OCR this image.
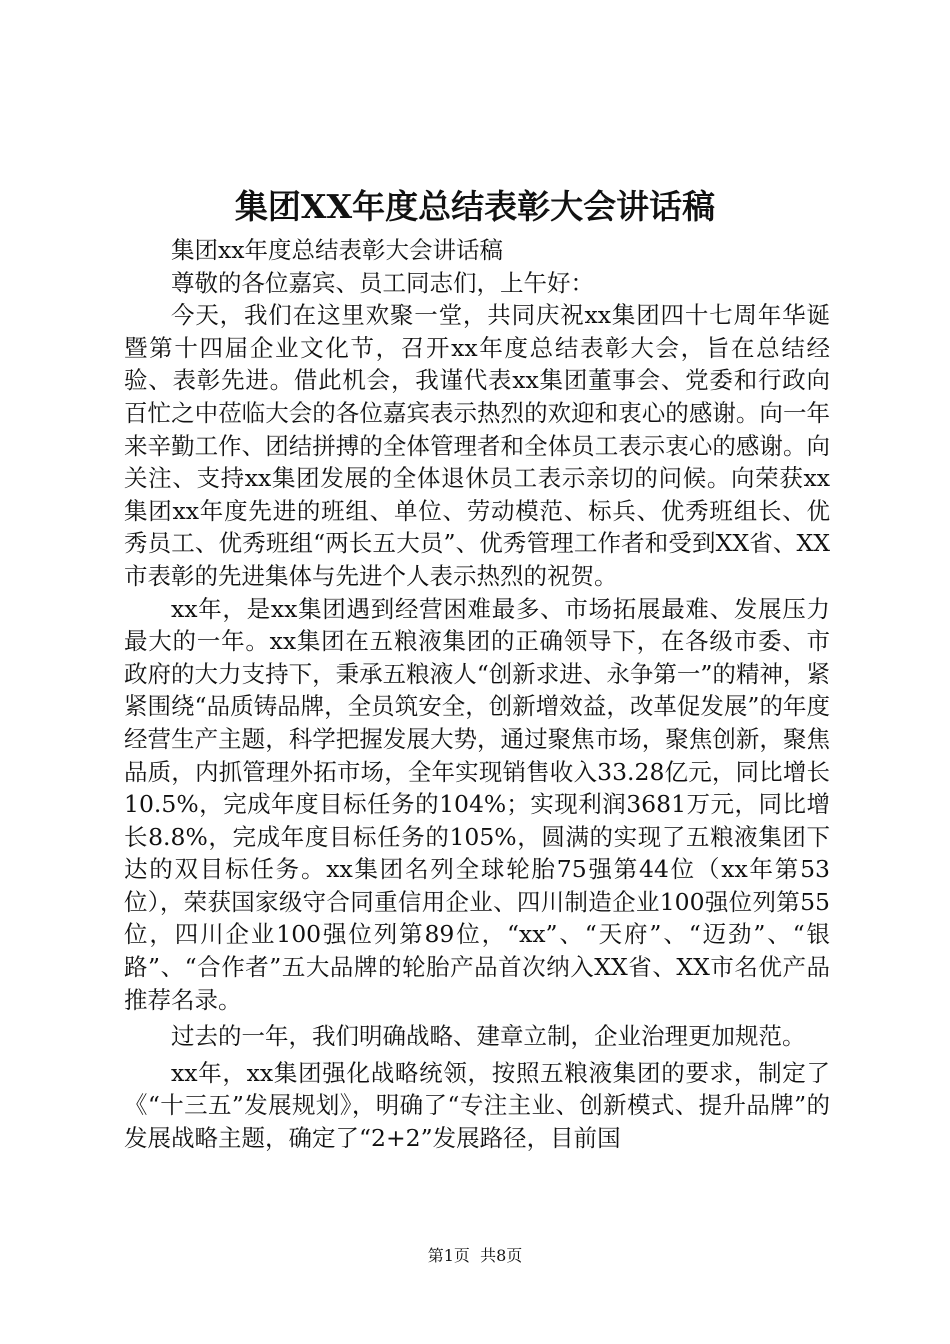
集团XX年度总结表彰大会讲话稿

集团xx年度总结表彰大会讲话稿

尊敬的各位嘉宾、员工同志们，上午好：

今天，我们在这里欢聚一堂，共同庆祝xx集团四十七周年华诞暨第十四届企业文化节，召开xx年度总结表彰大会，旨在总结经验、表彰先进。借此机会，我谨代表xx集团董事会、党委和行政向百忙之中莅临大会的各位嘉宾表示热烈的欢迎和衷心的感谢。向一年来辛勤工作、团结拼搏的全体管理者和全体员工表示衷心的感谢。向关注、支持xx集团发展的全体退休员工表示亲切的问候。向荣获xx集团xx年度先进的班组、单位、劳动模范、标兵、优秀班组长、优秀员工、优秀班组“两长五大员”、优秀管理工作者和受到XX省、XX市表彰的先进集体与先进个人表示热烈的祝贺。

xx年，是xx集团遇到经营困难最多、市场拓展最难、发展压力最大的一年。xx集团在五粮液集团的正确领导下，在各级市委、市政府的大力支持下，秉承五粮液人“创新求进、永争第一”的精神，紧紧围绕“品质铸品牌，全员筑安全，创新增效益，改革促发展”的年度经营生产主题，科学把握发展大势，通过聚焦市场，聚焦创新，聚焦品质，内抓管理外拓市场，全年实现销售收入33.28亿元，同比增长10.5%，完成年度目标任务的104%；实现利润3681万元，同比增长8.8%，完成年度目标任务的105%，圆满的实现了五粮液集团下达的双目标任务。xx集团名列全球轮胎75强第44位（xx年第53位），荣获国家级守合同重信用企业、四川制造企业100强位列第55位，四川企业100强位列第89位，“xx”、“天府”、“迈劲”、“银路”、“合作者”五大品牌的轮胎产品首次纳入XX省、XX市名优产品推荐名录。

过去的一年，我们明确战略、建章立制，企业治理更加规范。

xx年，xx集团强化战略统领，按照五粮液集团的要求，制定了《“十三五”发展规划》，明确了“专注主业、创新模式、提升品牌”的发展战略主题，确定了“2+2”发展路径，目前国

第1页  共8页
